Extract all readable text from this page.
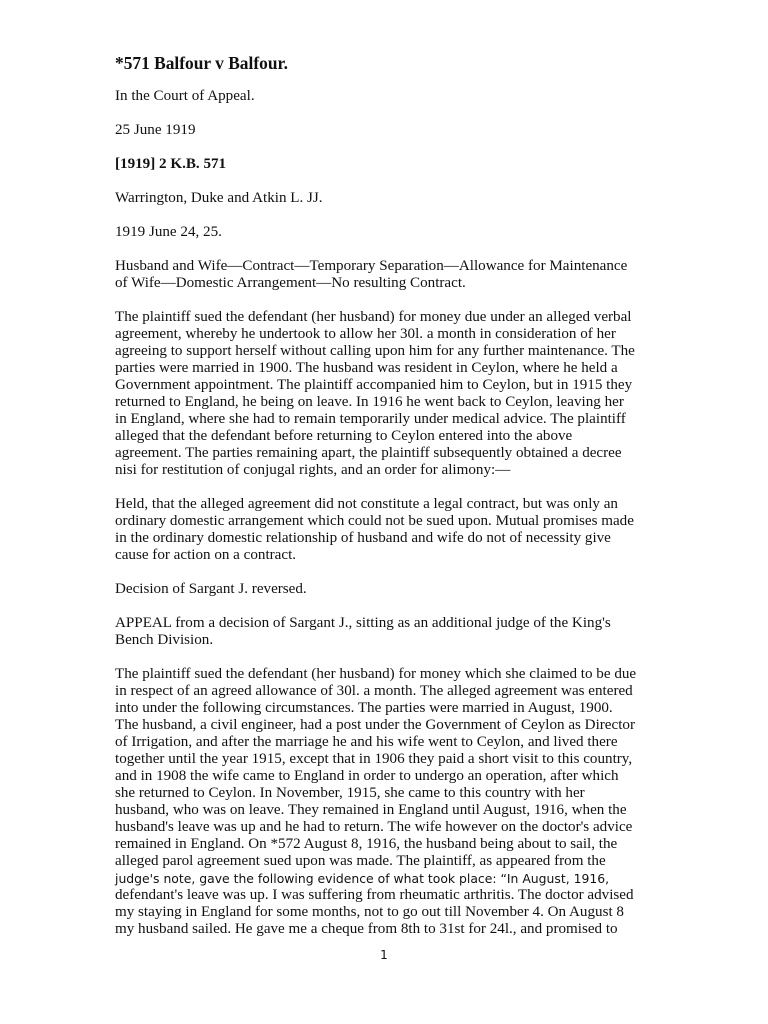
*571 Balfour v Balfour.
In the Court of Appeal.
25 June 1919
[1919] 2 K.B. 571
Warrington, Duke and Atkin L. JJ.
1919 June 24, 25.
Husband and Wife—Contract—Temporary Separation—Allowance for Maintenance
of Wife—Domestic Arrangement—No resulting Contract.
The plaintiff sued the defendant (her husband) for money due under an alleged verbal
agreement, whereby he undertook to allow her 30l. a month in consideration of her
agreeing to support herself without calling upon him for any further maintenance. The
parties were married in 1900. The husband was resident in Ceylon, where he held a
Government appointment. The plaintiff accompanied him to Ceylon, but in 1915 they
returned to England, he being on leave. In 1916 he went back to Ceylon, leaving her
in England, where she had to remain temporarily under medical advice. The plaintiff
alleged that the defendant before returning to Ceylon entered into the above
agreement. The parties remaining apart, the plaintiff subsequently obtained a decree
nisi for restitution of conjugal rights, and an order for alimony:—
Held, that the alleged agreement did not constitute a legal contract, but was only an
ordinary domestic arrangement which could not be sued upon. Mutual promises made
in the ordinary domestic relationship of husband and wife do not of necessity give
cause for action on a contract.
Decision of Sargant J. reversed.
APPEAL from a decision of Sargant J., sitting as an additional judge of the King's
Bench Division.
The plaintiff sued the defendant (her husband) for money which she claimed to be due
in respect of an agreed allowance of 30l. a month. The alleged agreement was entered
into under the following circumstances. The parties were married in August, 1900.
The husband, a civil engineer, had a post under the Government of Ceylon as Director
of Irrigation, and after the marriage he and his wife went to Ceylon, and lived there
together until the year 1915, except that in 1906 they paid a short visit to this country,
and in 1908 the wife came to England in order to undergo an operation, after which
she returned to Ceylon. In November, 1915, she came to this country with her
husband, who was on leave. They remained in England until August, 1916, when the
husband's leave was up and he had to return. The wife however on the doctor's advice
remained in England. On *572 August 8, 1916, the husband being about to sail, the
alleged parol agreement sued upon was made. The plaintiff, as appeared from the
judge's note, gave the following evidence of what took place: “In August, 1916,
defendant's leave was up. I was suffering from rheumatic arthritis. The doctor advised
my staying in England for some months, not to go out till November 4. On August 8
my husband sailed. He gave me a cheque from 8th to 31st for 24l., and promised to
1
